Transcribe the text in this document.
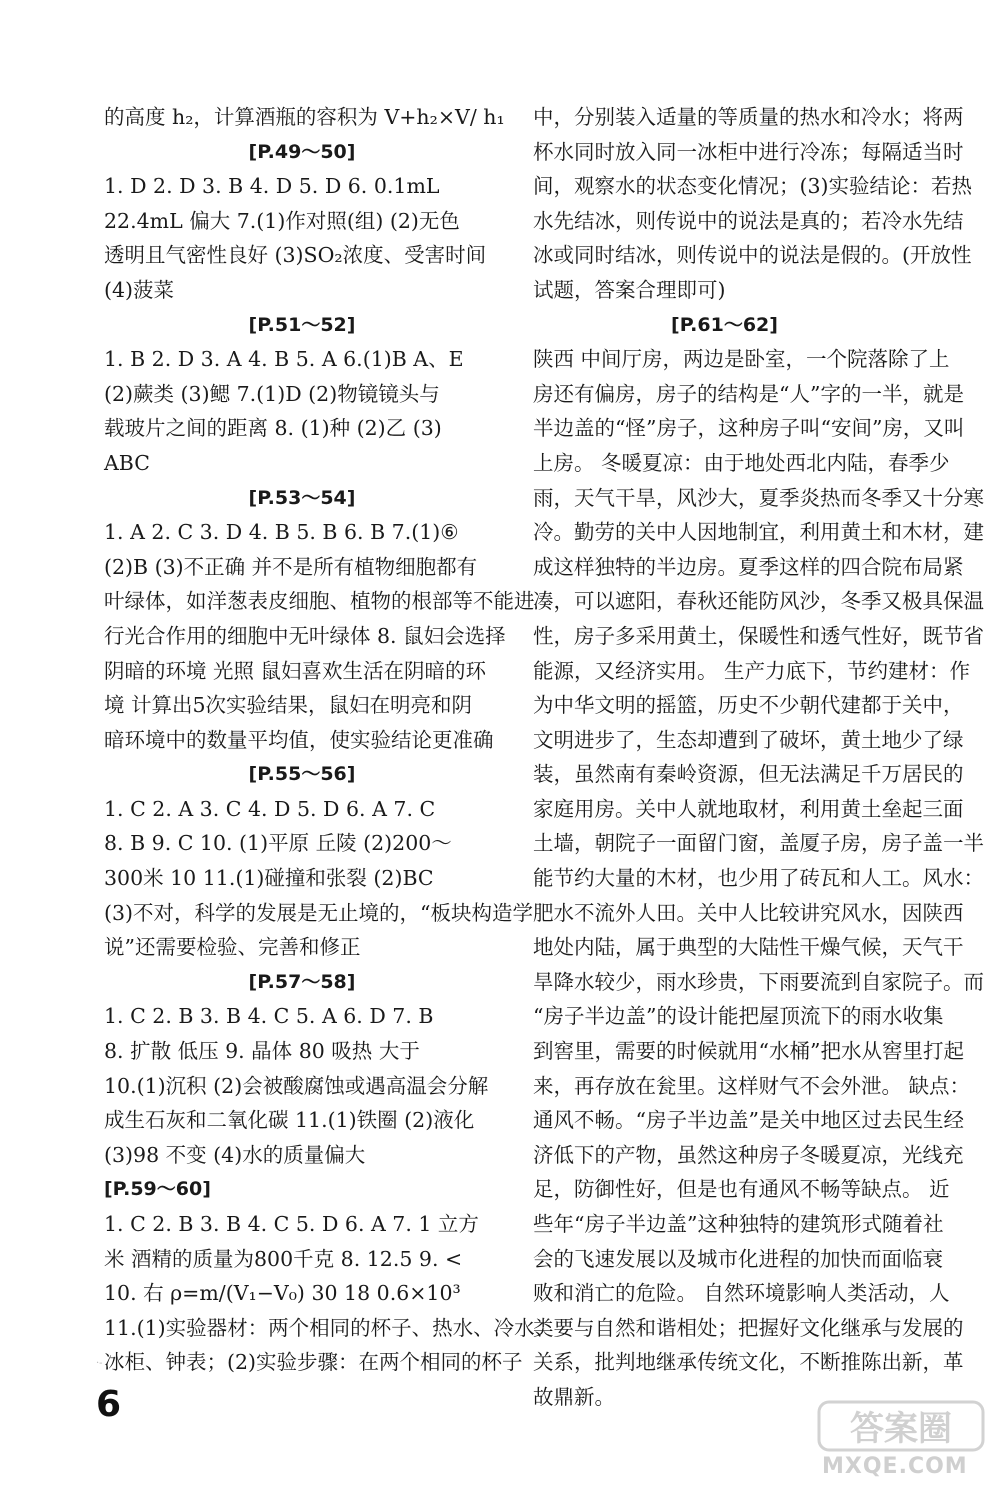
的高度 h₂，计算酒瓶的容积为 V+h₂×V/ h₁
[P.49～50]
1. D 2. D 3. B 4. D 5. D 6. 0.1mL
22.4mL 偏大 7.(1)作对照(组) (2)无色
透明且气密性良好 (3)SO₂浓度、受害时间
(4)菠菜
[P.51～52]
1. B 2. D 3. A 4. B 5. A 6.(1)B A、E
(2)蕨类 (3)鳃 7.(1)D (2)物镜镜头与
载玻片之间的距离 8. (1)种 (2)乙 (3)
ABC
[P.53～54]
1. A 2. C 3. D 4. B 5. B 6. B 7.(1)⑥
(2)B (3)不正确 并不是所有植物细胞都有
叶绿体，如洋葱表皮细胞、植物的根部等不能进
行光合作用的细胞中无叶绿体 8. 鼠妇会选择
阴暗的环境 光照 鼠妇喜欢生活在阴暗的环
境 计算出5次实验结果，鼠妇在明亮和阴
暗环境中的数量平均值，使实验结论更准确
[P.55～56]
1. C 2. A 3. C 4. D 5. D 6. A 7. C
8. B 9. C 10. (1)平原 丘陵 (2)200～
300米 10 11.(1)碰撞和张裂 (2)BC
(3)不对，科学的发展是无止境的，“板块构造学
说”还需要检验、完善和修正
[P.57～58]
1. C 2. B 3. B 4. C 5. A 6. D 7. B
8. 扩散 低压 9. 晶体 80 吸热 大于
10.(1)沉积 (2)会被酸腐蚀或遇高温会分解
成生石灰和二氧化碳 11.(1)铁圈 (2)液化
(3)98 不变 (4)水的质量偏大
[P.59～60]
1. C 2. B 3. B 4. C 5. D 6. A 7. 1 立方
米 酒精的质量为800千克 8. 12.5 9. <
10. 右 ρ=m/(V₁−V₀) 30 18 0.6×10³
11.(1)实验器材：两个相同的杯子、热水、冷水、
冰柜、钟表；(2)实验步骤：在两个相同的杯子
中，分别装入适量的等质量的热水和冷水；将两
杯水同时放入同一冰柜中进行冷冻；每隔适当时
间，观察水的状态变化情况；(3)实验结论：若热
水先结冰，则传说中的说法是真的；若冷水先结
冰或同时结冰，则传说中的说法是假的。(开放性
试题，答案合理即可)
[P.61～62]
陕西 中间厅房，两边是卧室，一个院落除了上
房还有偏房，房子的结构是“人”字的一半，就是
半边盖的“怪”房子，这种房子叫“安间”房，又叫
上房。 冬暖夏凉：由于地处西北内陆，春季少
雨，天气干旱，风沙大，夏季炎热而冬季又十分寒
冷。勤劳的关中人因地制宜，利用黄土和木材，建
成这样独特的半边房。夏季这样的四合院布局紧
凑，可以遮阳，春秋还能防风沙，冬季又极具保温
性，房子多采用黄土，保暖性和透气性好，既节省
能源，又经济实用。 生产力底下，节约建材：作
为中华文明的摇篮，历史不少朝代建都于关中，
文明进步了，生态却遭到了破坏，黄土地少了绿
装，虽然南有秦岭资源，但无法满足千万居民的
家庭用房。关中人就地取材，利用黄土垒起三面
土墙，朝院子一面留门窗，盖厦子房，房子盖一半
能节约大量的木材，也少用了砖瓦和人工。风水：
肥水不流外人田。关中人比较讲究风水，因陕西
地处内陆，属于典型的大陆性干燥气候，天气干
旱降水较少，雨水珍贵，下雨要流到自家院子。而
“房子半边盖”的设计能把屋顶流下的雨水收集
到窖里，需要的时候就用“水桶”把水从窖里打起
来，再存放在瓮里。这样财气不会外泄。 缺点：
通风不畅。“房子半边盖”是关中地区过去民生经
济低下的产物，虽然这种房子冬暖夏凉，光线充
足，防御性好，但是也有通风不畅等缺点。 近
些年“房子半边盖”这种独特的建筑形式随着社
会的飞速发展以及城市化进程的加快而面临衰
败和消亡的危险。 自然环境影响人类活动，人
类要与自然和谐相处；把握好文化继承与发展的
关系，批判地继承传统文化，不断推陈出新，革
故鼎新。
·-
6
答案圈
MXQE.COM
